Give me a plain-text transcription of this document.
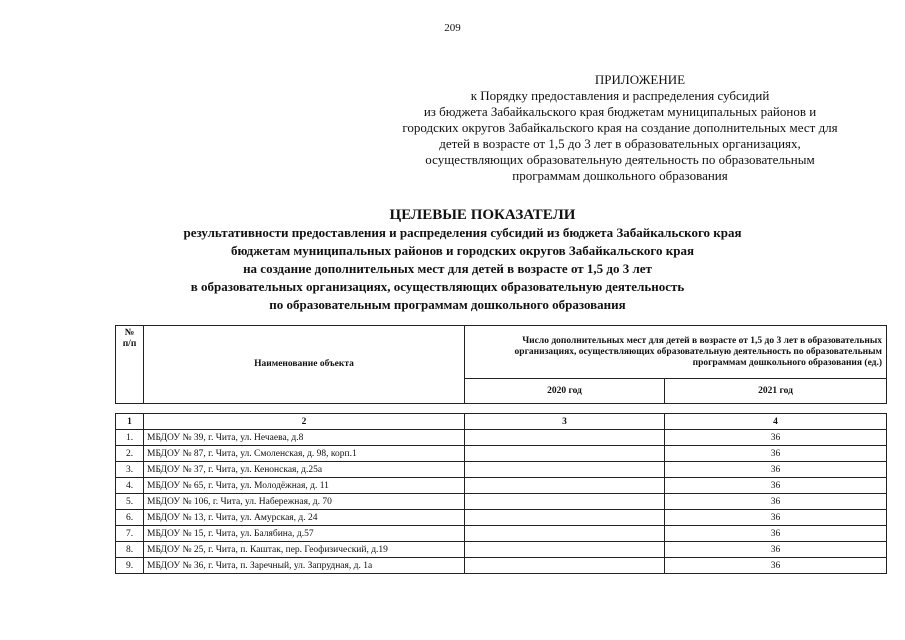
209
ПРИЛОЖЕНИЕ
к Порядку предоставления и распределения субсидий
из бюджета Забайкальского края бюджетам муниципальных районов и
городских округов Забайкальского края на создание дополнительных мест для
детей в возрасте от 1,5 до 3 лет в образовательных организациях,
осуществляющих образовательную деятельность по образовательным
программам дошкольного образования
ЦЕЛЕВЫЕ ПОКАЗАТЕЛИ
результативности предоставления и распределения субсидий из бюджета Забайкальского края
бюджетам муниципальных районов и городских округов Забайкальского края
на создание дополнительных мест для детей в возрасте от 1,5 до 3 лет
в образовательных организациях, осуществляющих образовательную деятельность
по образовательным программам дошкольного образования
№
п/п	Наименование объекта	Число дополнительных мест для детей в возрасте от 1,5 до 3 лет в образовательных организациях, осуществляющих образовательную деятельность по образовательным программам дошкольного образования (ед.)	
		2020 год	2021 год
1	2	3	4
1.	МБДОУ № 39, г. Чита, ул. Нечаева, д.8		36
2.	МБДОУ № 87, г. Чита, ул. Смоленская, д. 98, корп.1		36
3.	МБДОУ № 37, г. Чита, ул. Кенонская, д.25а		36
4.	МБДОУ № 65, г. Чита, ул. Молодёжная, д. 11		36
5.	МБДОУ № 106, г. Чита, ул. Набережная, д. 70		36
6.	МБДОУ № 13, г. Чита, ул. Амурская, д. 24		36
7.	МБДОУ № 15, г. Чита, ул. Балябина, д.57		36
8.	МБДОУ № 25, г. Чита, п. Каштак, пер. Геофизический, д.19		36
9.	МБДОУ № 36, г. Чита, п. Заречный, ул. Запрудная, д. 1а		36
